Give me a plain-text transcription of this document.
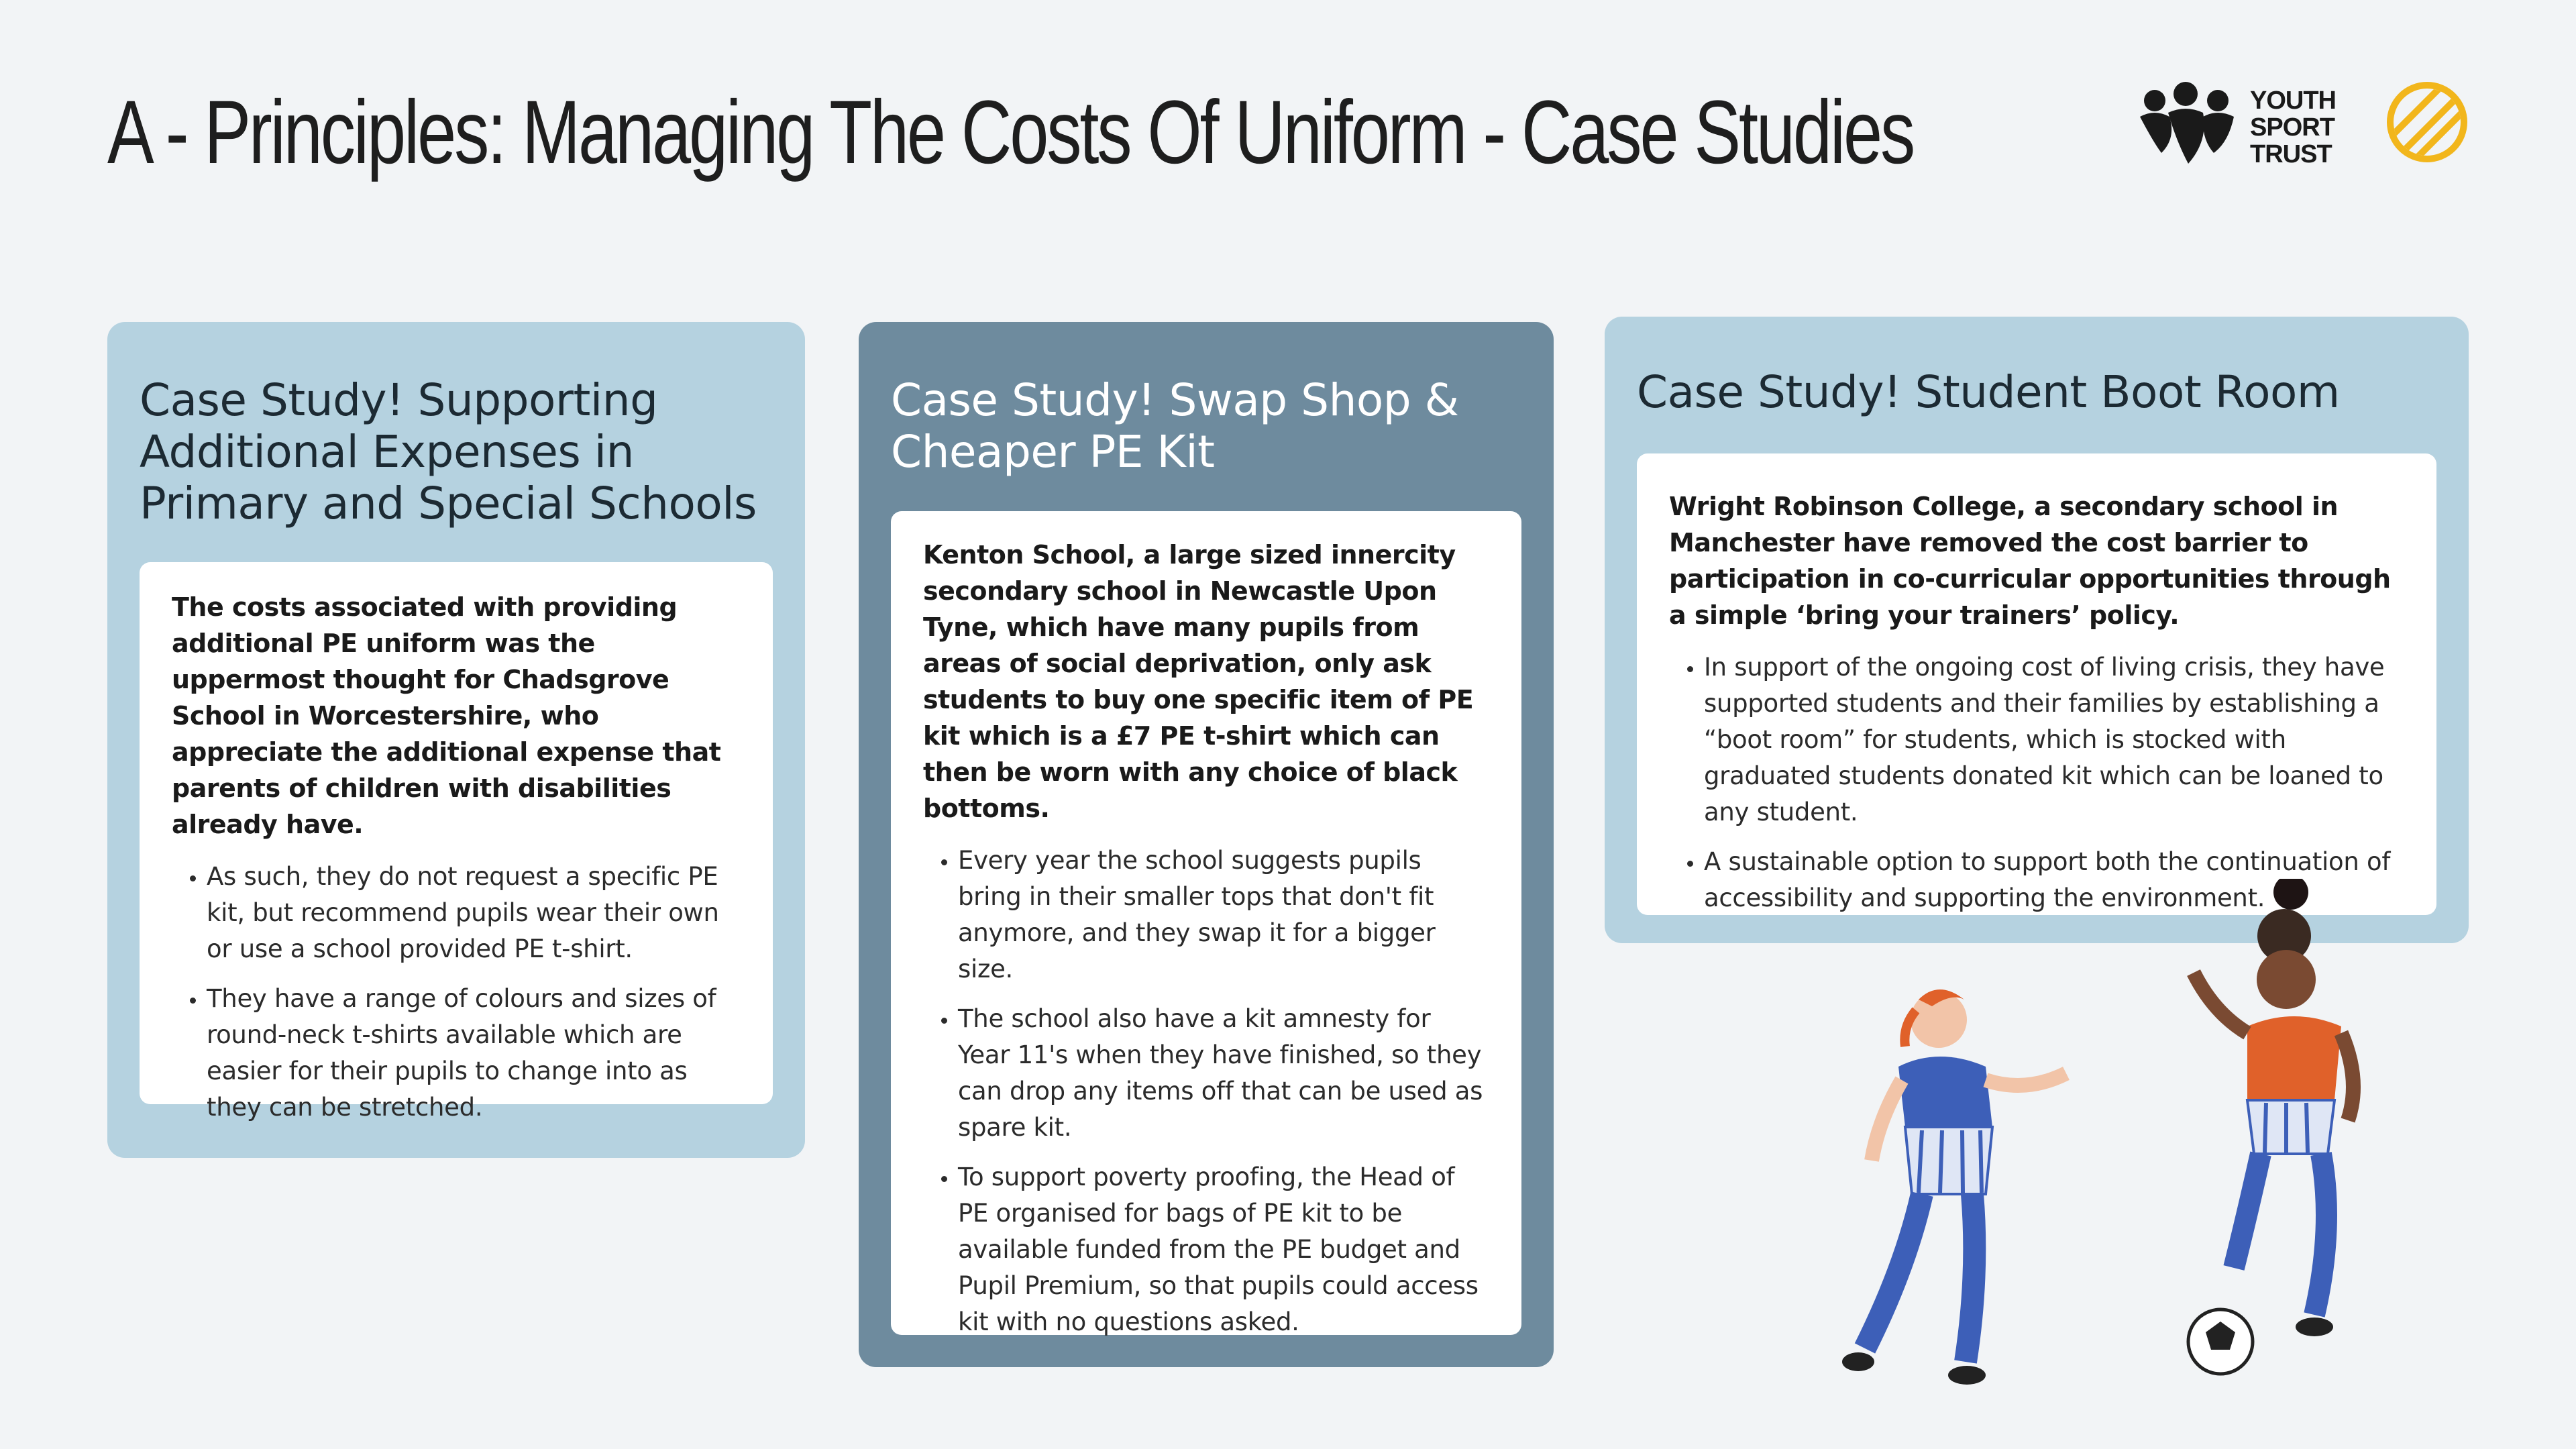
A - Principles: Managing The Costs Of Uniform - Case Studies	YOUTH
SPORT
TRUST
Case Study! Supporting Additional Expenses in Primary and Special Schools

The costs associated with providing additional PE uniform was the uppermost thought for Chadsgrove School in Worcestershire, who appreciate the additional expense that parents of children with disabilities already have.

• As such, they do not request a specific PE kit, but recommend pupils wear their own or use a school provided PE t-shirt.
• They have a range of colours and sizes of round-neck t-shirts available which are easier for their pupils to change into as they can be stretched.
Case Study! Swap Shop & Cheaper PE Kit

Kenton School, a large sized innercity secondary school in Newcastle Upon Tyne, which have many pupils from areas of social deprivation, only ask students to buy one specific item of PE kit which is a £7 PE t-shirt which can then be worn with any choice of black bottoms.

• Every year the school suggests pupils bring in their smaller tops that don't fit anymore, and they swap it for a bigger size.
• The school also have a kit amnesty for Year 11's when they have finished, so they can drop any items off that can be used as spare kit.
• To support poverty proofing, the Head of PE organised for bags of PE kit to be available funded from the PE budget and Pupil Premium, so that pupils could access kit with no questions asked.
Case Study! Student Boot Room

Wright Robinson College, a secondary school in Manchester have removed the cost barrier to participation in co-curricular opportunities through a simple ‘bring your trainers’ policy.

• In support of the ongoing cost of living crisis, they have supported students and their families by establishing a “boot room” for students, which is stocked with graduated students donated kit which can be loaned to any student.
• A sustainable option to support both the continuation of accessibility and supporting the environment.
